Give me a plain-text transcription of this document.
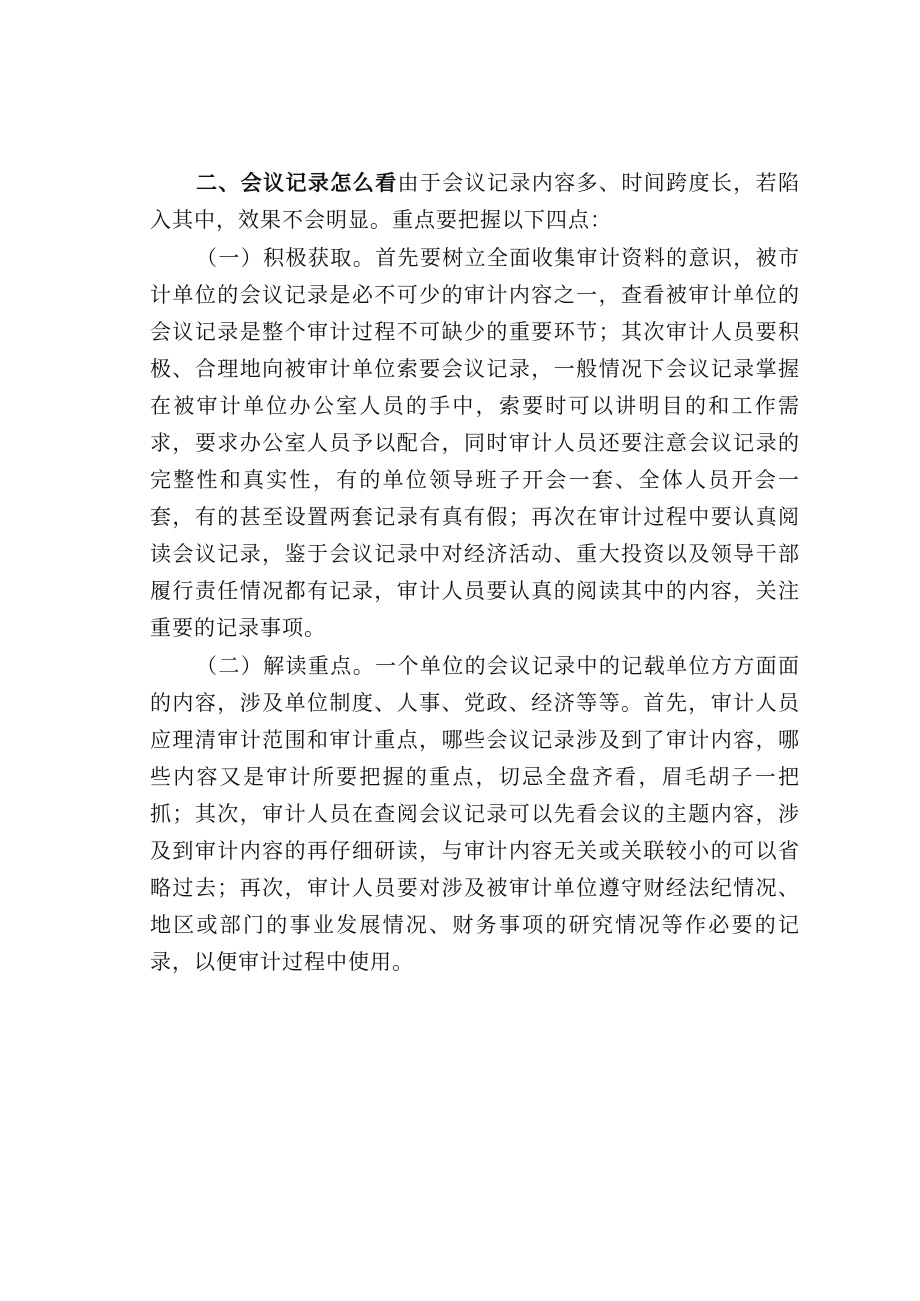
二、会议记录怎么看由于会议记录内容多、时间跨度长，若陷入其中，效果不会明显。重点要把握以下四点：

（一）积极获取。首先要树立全面收集审计资料的意识，被市计单位的会议记录是必不可少的审计内容之一，查看被审计单位的会议记录是整个审计过程不可缺少的重要环节；其次审计人员要积极、合理地向被审计单位索要会议记录，一般情况下会议记录掌握在被审计单位办公室人员的手中，索要时可以讲明目的和工作需求，要求办公室人员予以配合，同时审计人员还要注意会议记录的完整性和真实性，有的单位领导班子开会一套、全体人员开会一套，有的甚至设置两套记录有真有假；再次在审计过程中要认真阅读会议记录，鉴于会议记录中对经济活动、重大投资以及领导干部履行责任情况都有记录，审计人员要认真的阅读其中的内容，关注重要的记录事项。

（二）解读重点。一个单位的会议记录中的记载单位方方面面的内容，涉及单位制度、人事、党政、经济等等。首先，审计人员应理清审计范围和审计重点，哪些会议记录涉及到了审计内容，哪些内容又是审计所要把握的重点，切忌全盘齐看，眉毛胡子一把抓；其次，审计人员在查阅会议记录可以先看会议的主题内容，涉及到审计内容的再仔细研读，与审计内容无关或关联较小的可以省略过去；再次，审计人员要对涉及被审计单位遵守财经法纪情况、地区或部门的事业发展情况、财务事项的研究情况等作必要的记录，以便审计过程中使用。
